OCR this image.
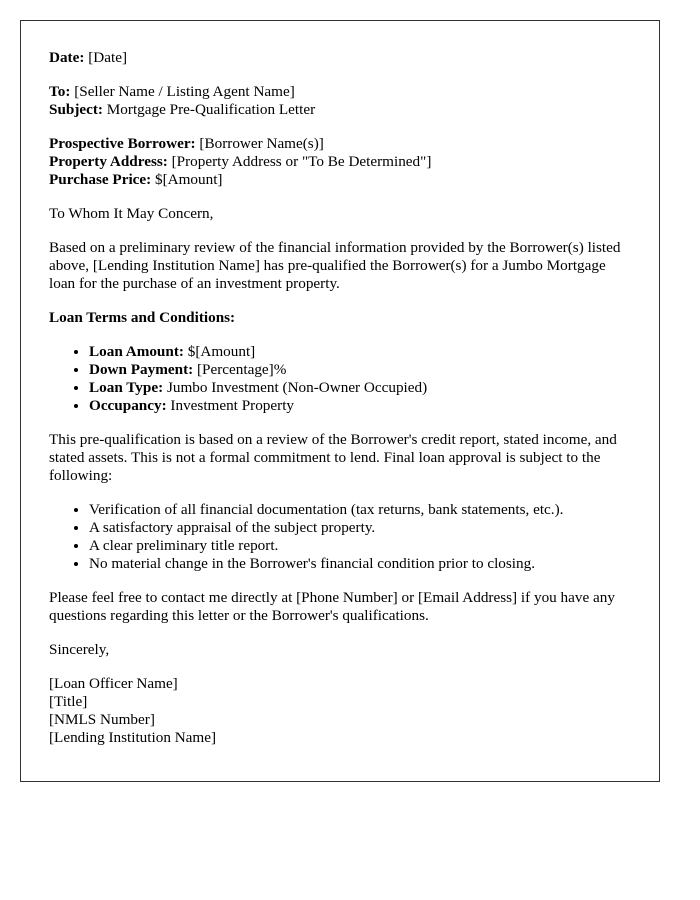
Date: [Date]

To: [Seller Name / Listing Agent Name]

Subject: Mortgage Pre-Qualification Letter

Prospective Borrower: [Borrower Name(s)]

Property Address: [Property Address or "To Be Determined"]

Purchase Price: $[Amount]

To Whom It May Concern,

Based on a preliminary review of the financial information provided by the Borrower(s) listed above, [Lending Institution Name] has pre-qualified the Borrower(s) for a Jumbo Mortgage loan for the purchase of an investment property.

Loan Terms and Conditions:

• Loan Amount: $[Amount]
• Down Payment: [Percentage]%
• Loan Type: Jumbo Investment (Non-Owner Occupied)
• Occupancy: Investment Property

This pre-qualification is based on a review of the Borrower's credit report, stated income, and stated assets. This is not a formal commitment to lend. Final loan approval is subject to the following:

• Verification of all financial documentation (tax returns, bank statements, etc.).
• A satisfactory appraisal of the subject property.
• A clear preliminary title report.
• No material change in the Borrower's financial condition prior to closing.

Please feel free to contact me directly at [Phone Number] or [Email Address] if you have any questions regarding this letter or the Borrower's qualifications.

Sincerely,

[Loan Officer Name]

[Title]

[NMLS Number]

[Lending Institution Name]
